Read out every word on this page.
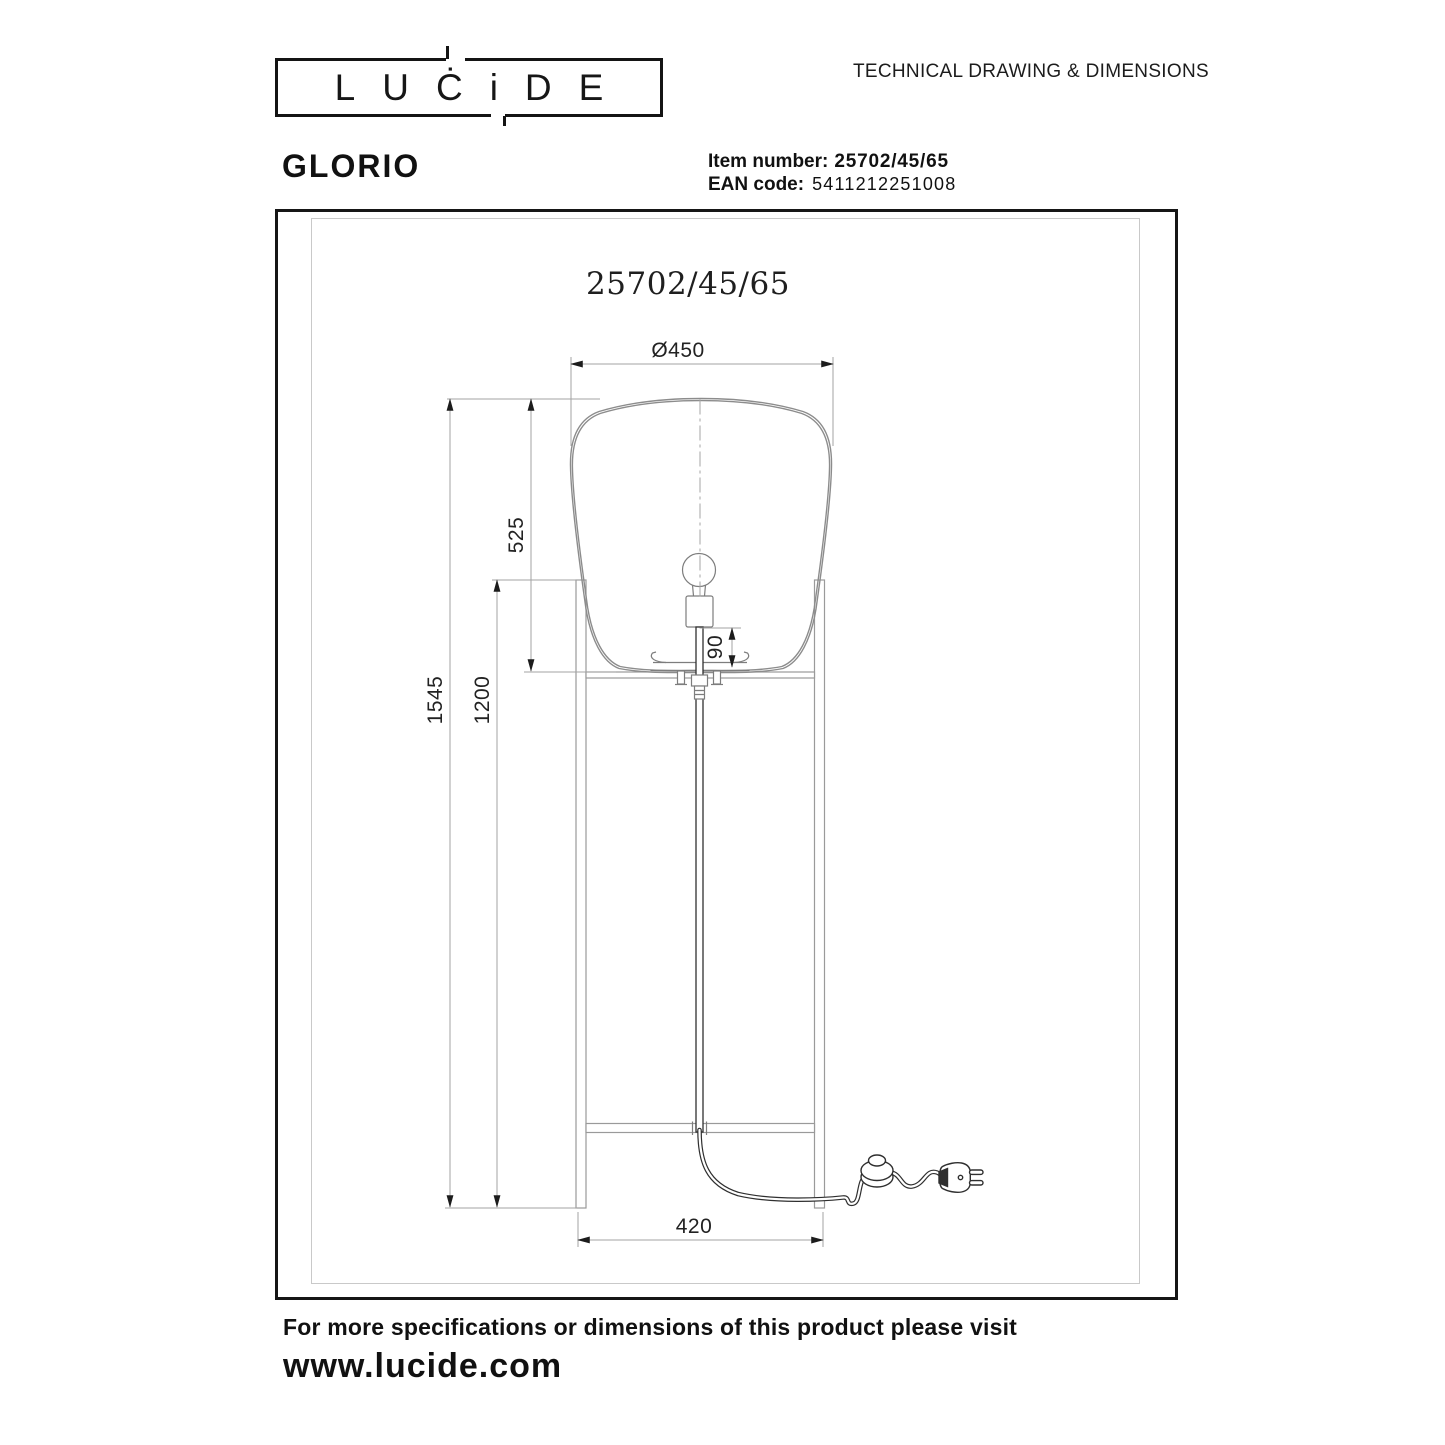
LUĊiDE
GLORIO
TECHNICAL DRAWING & DIMENSIONS
Item number: 25702/45/65
EAN code: 5411212251008
25702/45/65
Ø450
525
1545 1200
90
420
For more specifications or dimensions of this product please visit
www.lucide.com
